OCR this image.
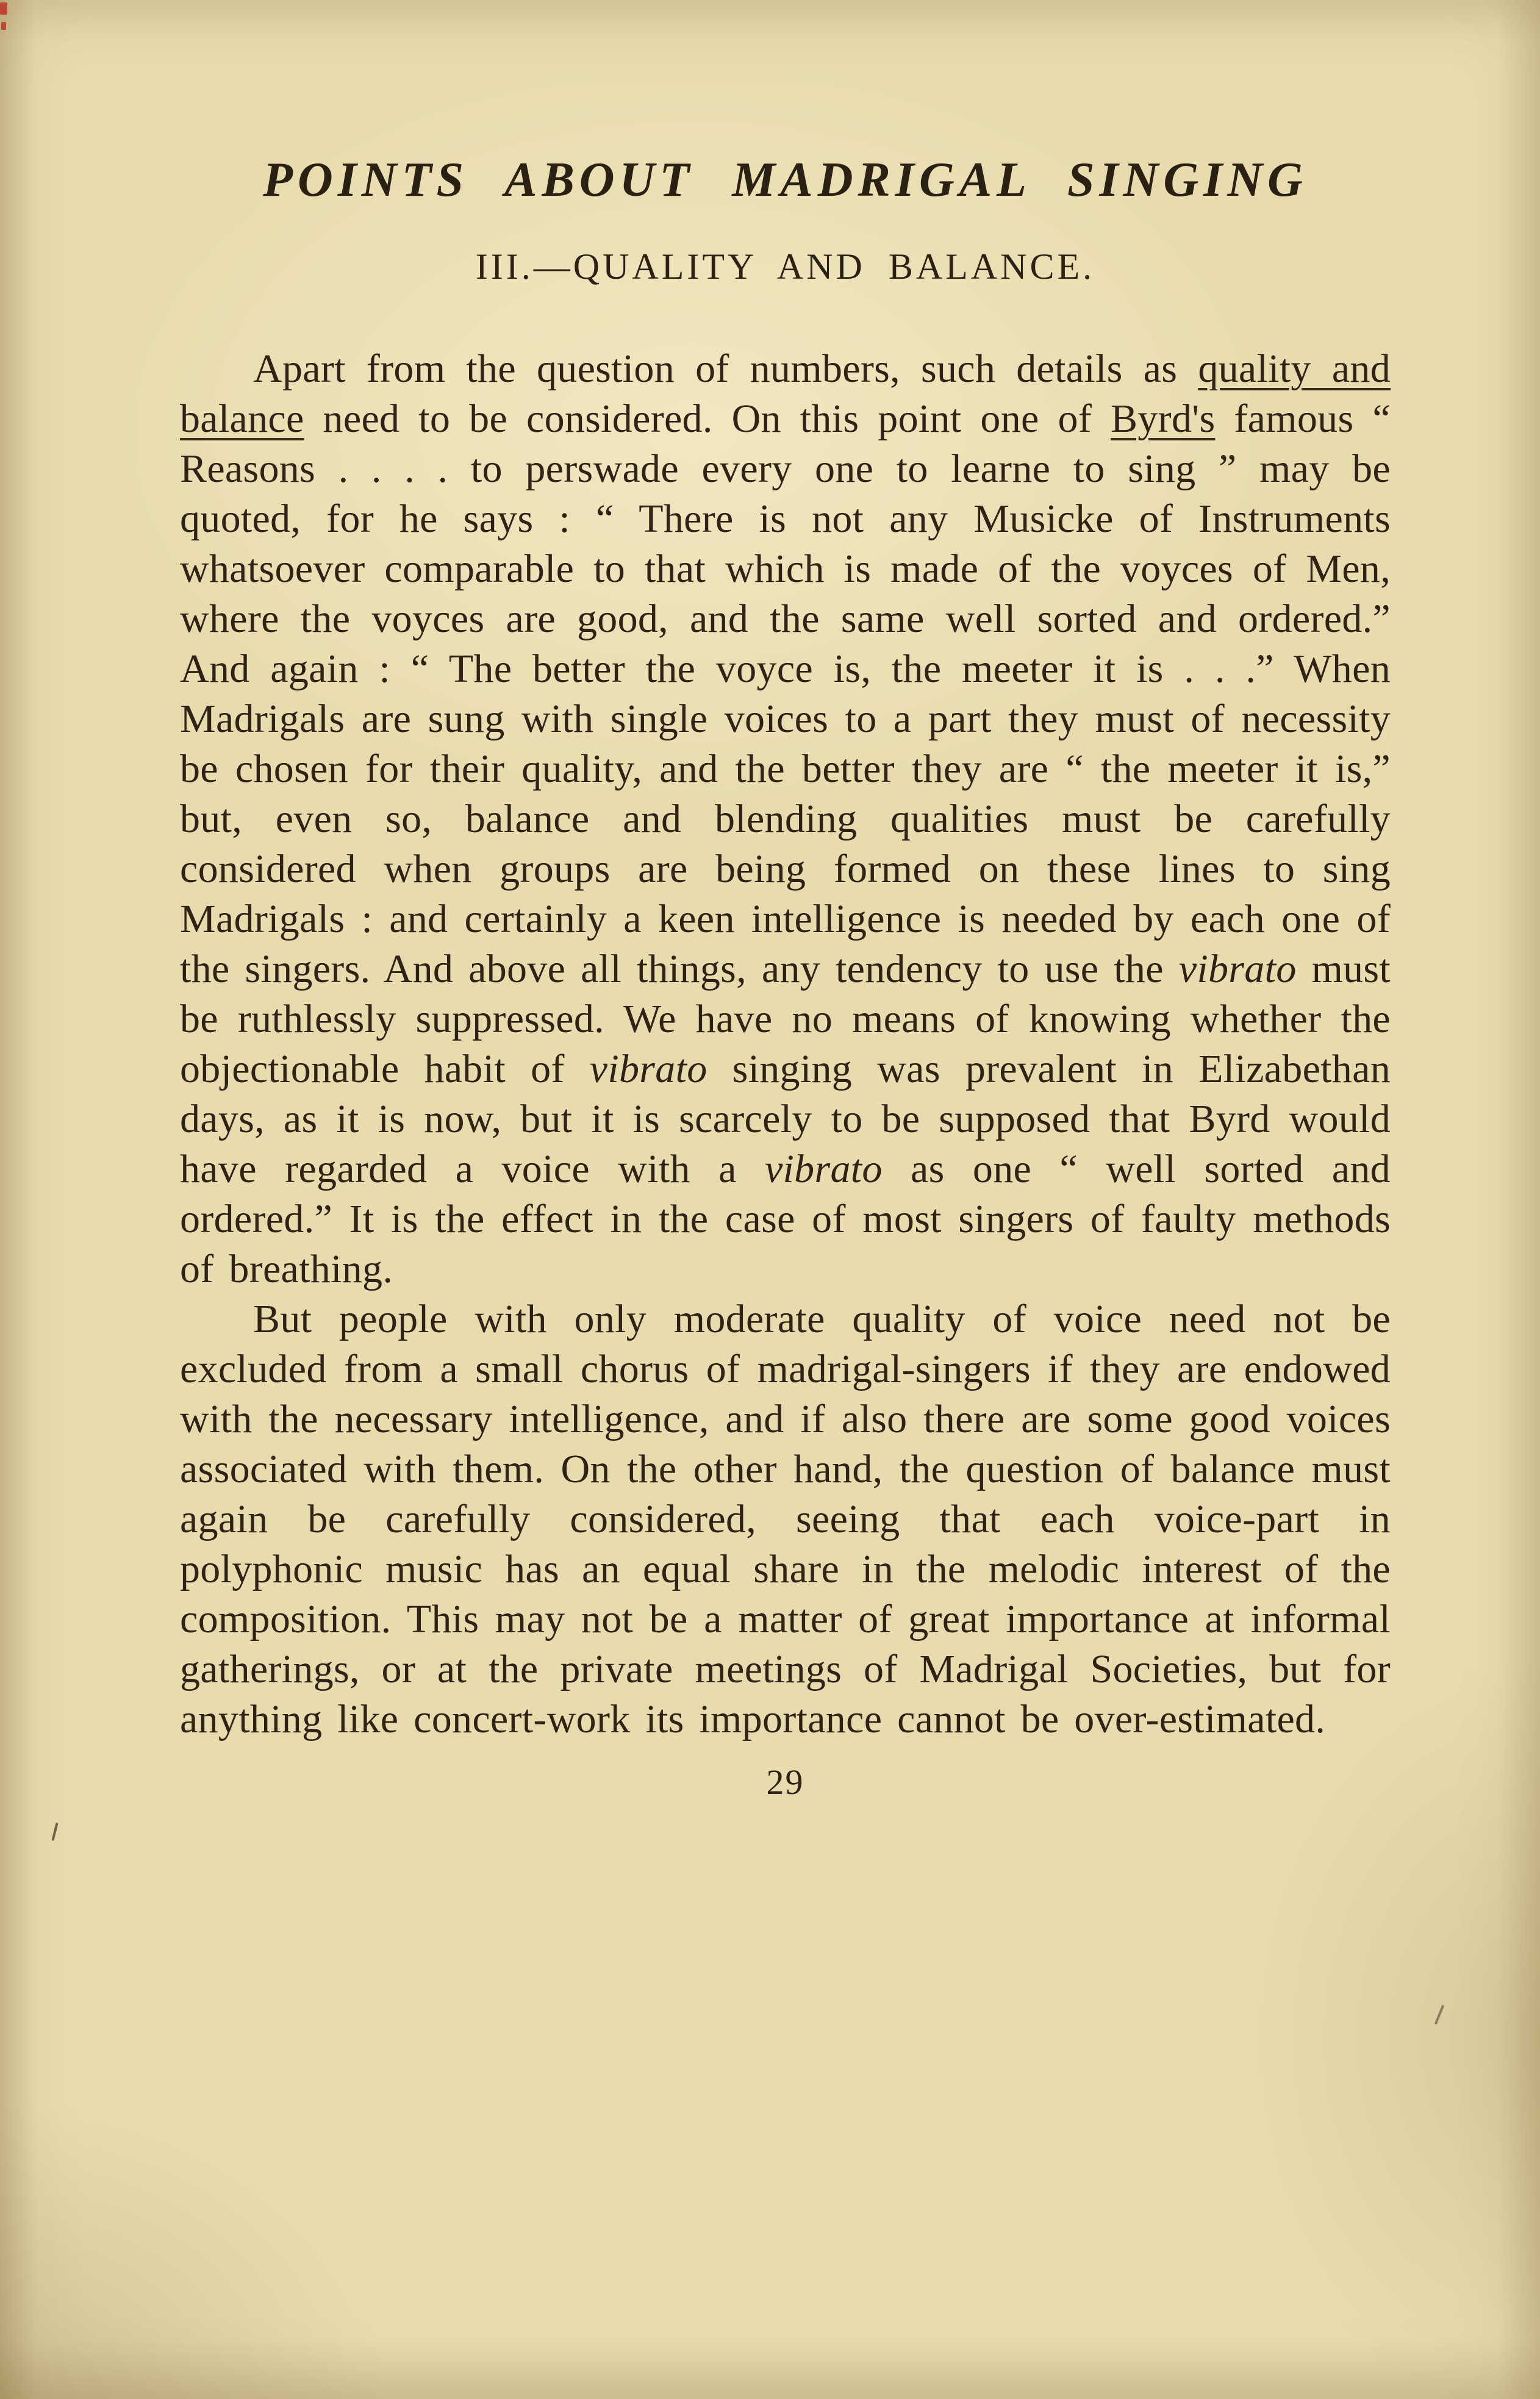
POINTS ABOUT MADRIGAL SINGING
III.—QUALITY AND BALANCE.

Apart from the question of numbers, such details as quality and balance need to be considered. On this point one of Byrd's famous “ Reasons . . . . to perswade every one to learne to sing ” may be quoted, for he says : “ There is not any Musicke of Instruments whatsoever comparable to that which is made of the voyces of Men, where the voyces are good, and the same well sorted and ordered.” And again : “ The better the voyce is, the meeter it is . . .” When Madrigals are sung with single voices to a part they must of necessity be chosen for their quality, and the better they are “ the meeter it is,” but, even so, balance and blending qualities must be carefully considered when groups are being formed on these lines to sing Madrigals : and certainly a keen intelligence is needed by each one of the singers. And above all things, any tendency to use the vibrato must be ruthlessly suppressed. We have no means of knowing whether the objectionable habit of vibrato singing was prevalent in Elizabethan days, as it is now, but it is scarcely to be supposed that Byrd would have regarded a voice with a vibrato as one “ well sorted and ordered.” It is the effect in the case of most singers of faulty methods of breathing.

But people with only moderate quality of voice need not be excluded from a small chorus of madrigal-singers if they are endowed with the necessary intelligence, and if also there are some good voices associated with them. On the other hand, the question of balance must again be carefully considered, seeing that each voice-part in polyphonic music has an equal share in the melodic interest of the composition. This may not be a matter of great importance at informal gatherings, or at the private meetings of Madrigal Societies, but for anything like concert-work its importance cannot be over-estimated.

29
